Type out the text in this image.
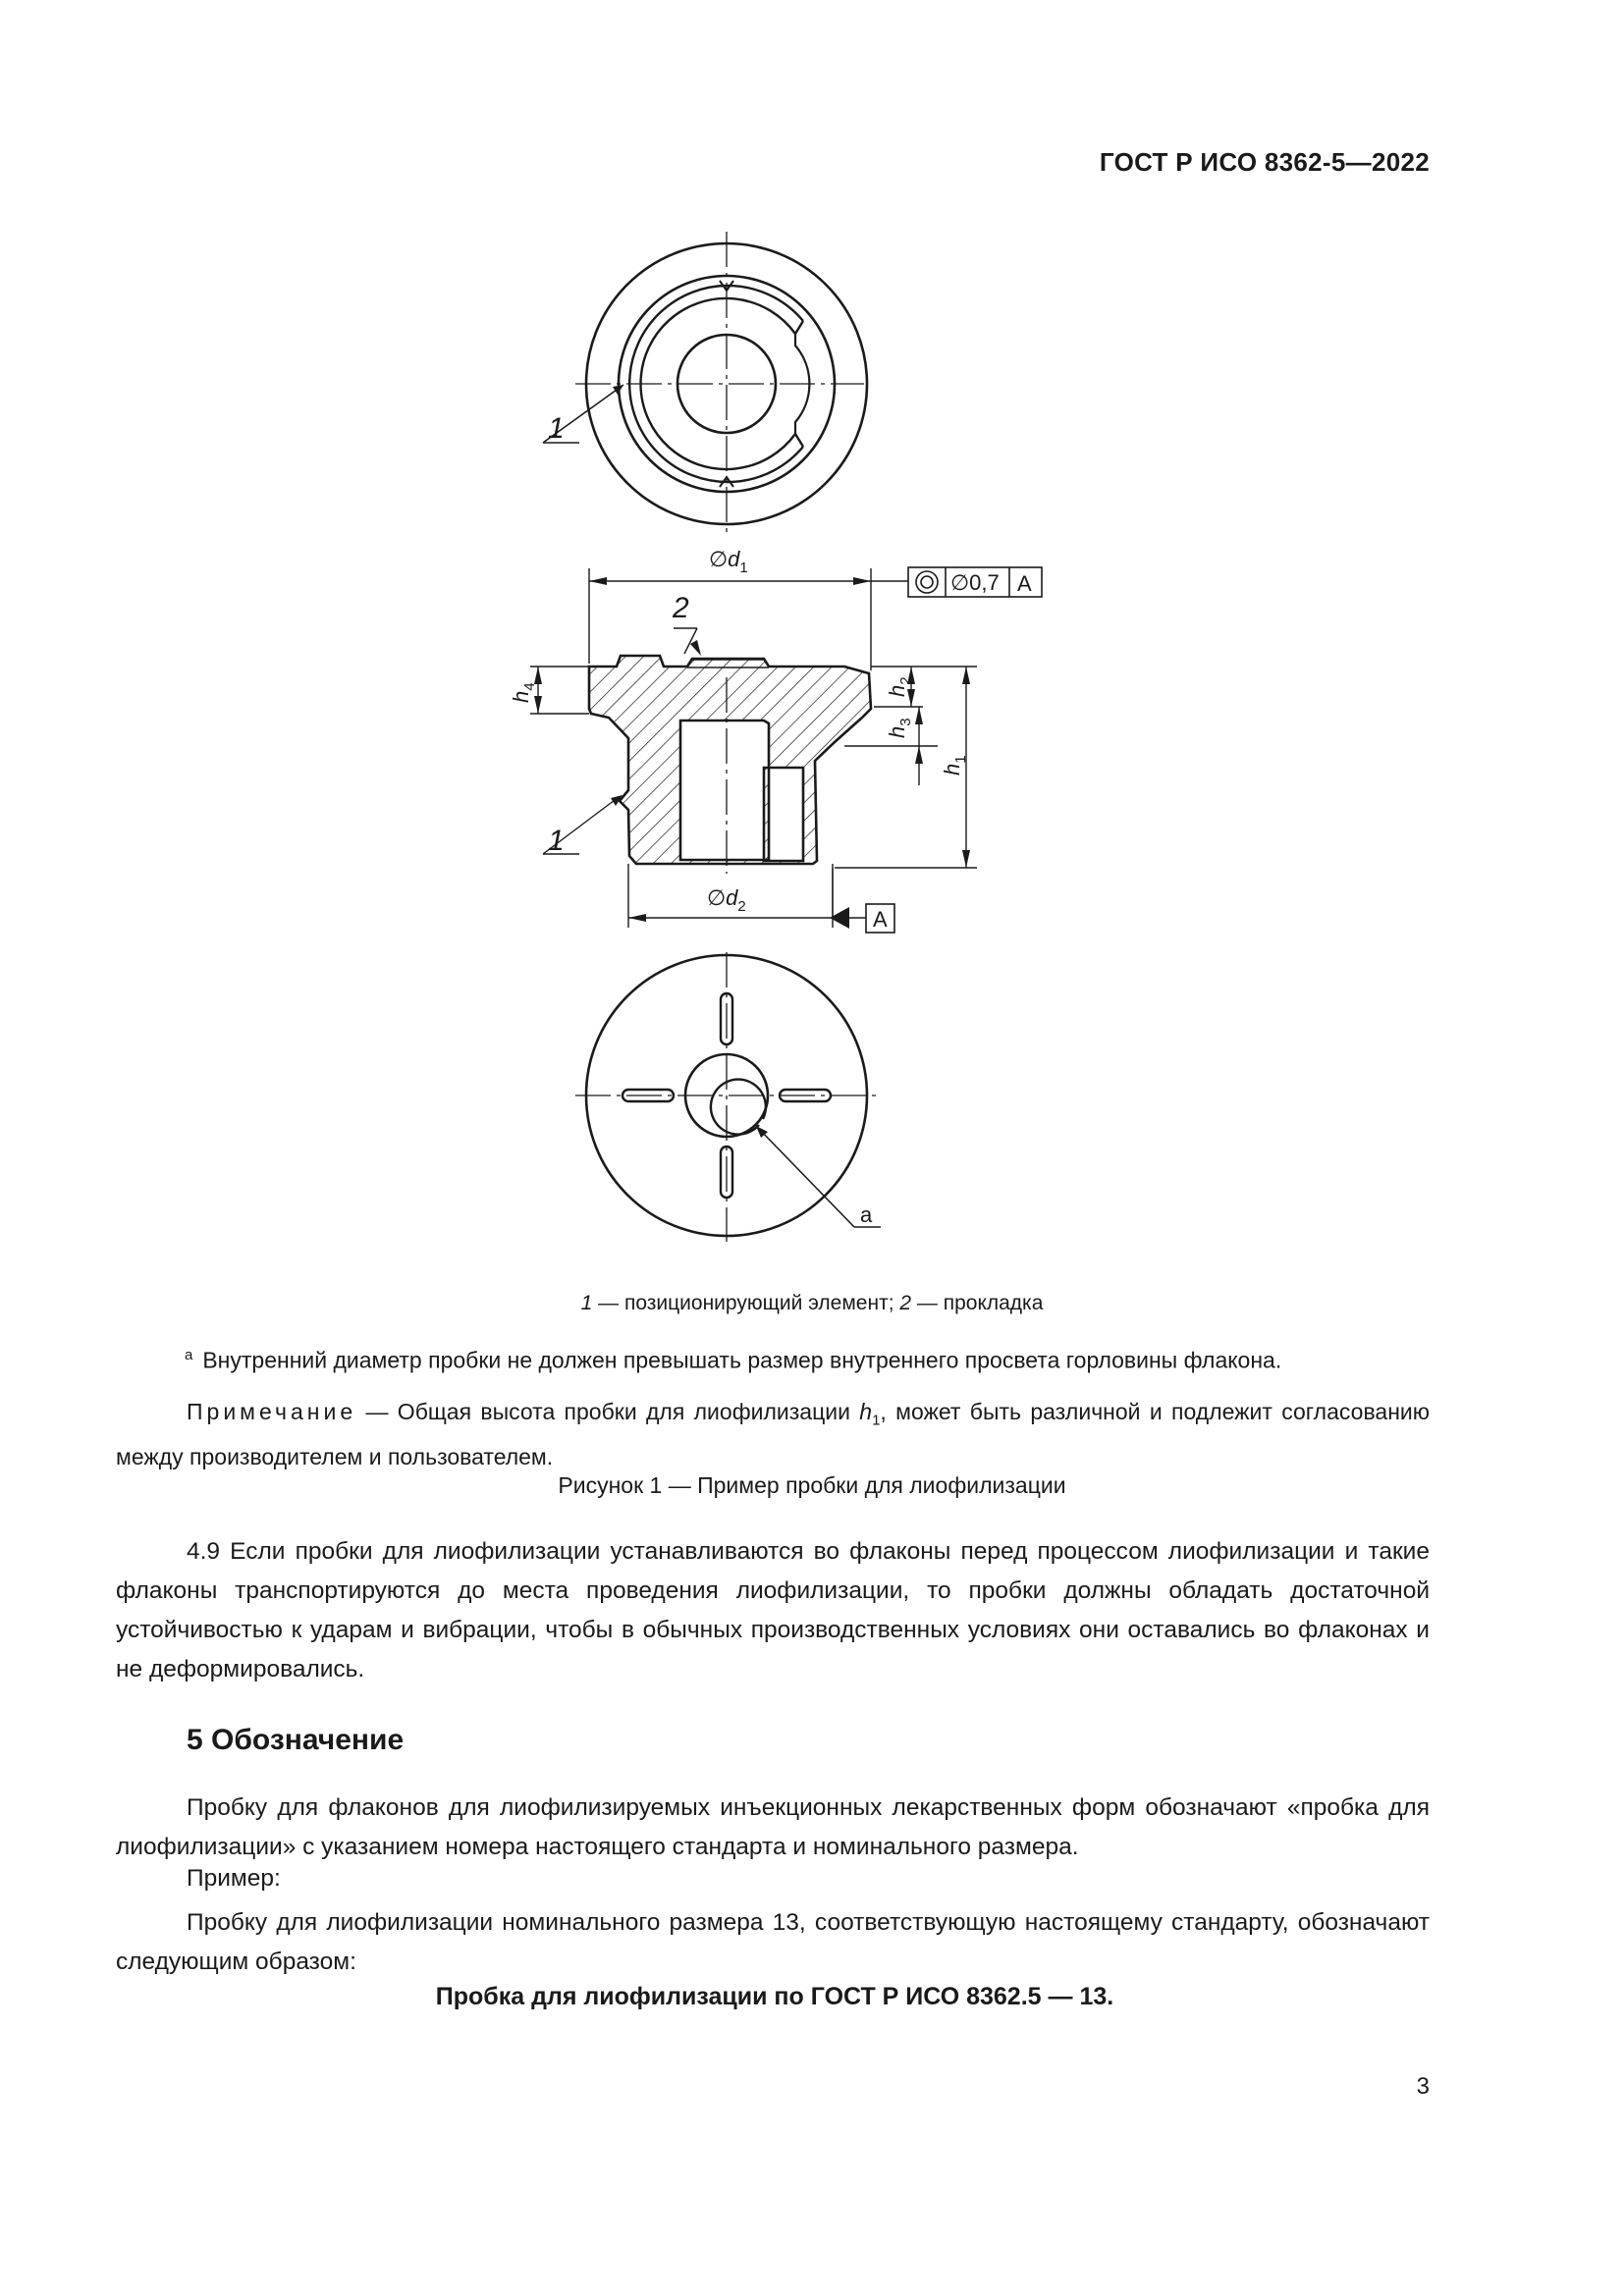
ГОСТ Р ИСО 8362-5—2022
1
∅0,7 A
A
$\emptyset d_1$
$\emptyset d_2$
2
1
$h_4$	$h_2$
$h_3$
$h_1$
a
1 — позиционирующий элемент; 2 — прокладка
$^a$ Внутренний диаметр пробки не должен превышать размер внутреннего просвета горловины флакона.
Примечание — Общая высота пробки для лиофилизации $h_1$, может быть различной и подлежит согласованию между производителем и пользователем.
Рисунок 1 — Пример пробки для лиофилизации
4.9 Если пробки для лиофилизации устанавливаются во флаконы перед процессом лиофилизации и такие флаконы транспортируются до места проведения лиофилизации, то пробки должны обладать достаточной устойчивостью к ударам и вибрации, чтобы в обычных производственных условиях они оставались во флаконах и не деформировались.
5 Обозначение
Пробку для флаконов для лиофилизируемых инъекционных лекарственных форм обозначают «пробка для лиофилизации» с указанием номера настоящего стандарта и номинального размера.
Пример:
Пробку для лиофилизации номинального размера 13, соответствующую настоящему стандарту, обозначают следующим образом:
Пробка для лиофилизации по ГОСТ Р ИСО 8362.5 — 13.
3
